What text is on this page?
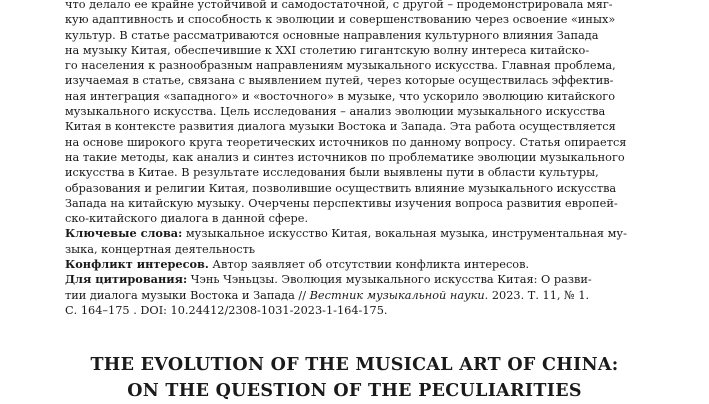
что делало ее крайне устойчивой и самодостаточной, с другой – продемонстрировала мяг-
кую адаптивность и способность к эволюции и совершенствованию через освоение «иных»
культур. В статье рассматриваются основные направления культурного влияния Запада
на музыку Китая, обеспечившие к XXI столетию гигантскую волну интереса китайско-
го населения к разнообразным направлениям музыкального искусства. Главная проблема,
изучаемая в статье, связана с выявлением путей, через которые осуществилась эффектив-
ная интеграция «западного» и «восточного» в музыке, что ускорило эволюцию китайского
музыкального искусства. Цель исследования – анализ эволюции музыкального искусства
Китая в контексте развития диалога музыки Востока и Запада. Эта работа осуществляется
на основе широкого круга теоретических источников по данному вопросу. Статья опирается
на такие методы, как анализ и синтез источников по проблематике эволюции музыкального
искусства в Китае. В результате исследования были выявлены пути в области культуры,
образования и религии Китая, позволившие осуществить влияние музыкального искусства
Запада на китайскую музыку. Очерчены перспективы изучения вопроса развития европей-
ско-китайского диалога в данной сфере.
Ключевые слова: музыкальное искусство Китая, вокальная музыка, инструментальная му-
зыка, концертная деятельность
Конфликт интересов. Автор заявляет об отсутствии конфликта интересов.
Для цитирования: Чэнь Чэньцзы. Эволюция музыкального искусства Китая: О разви-
тии диалога музыки Востока и Запада // Вестник музыкальной науки. 2023. Т. 11, № 1.
С. 164–175 . DOI: 10.24412/2308-1031-2023-1-164-175.
THE EVOLUTION OF THE MUSICAL ART OF CHINA:
ON THE QUESTION OF THE PECULIARITIES
